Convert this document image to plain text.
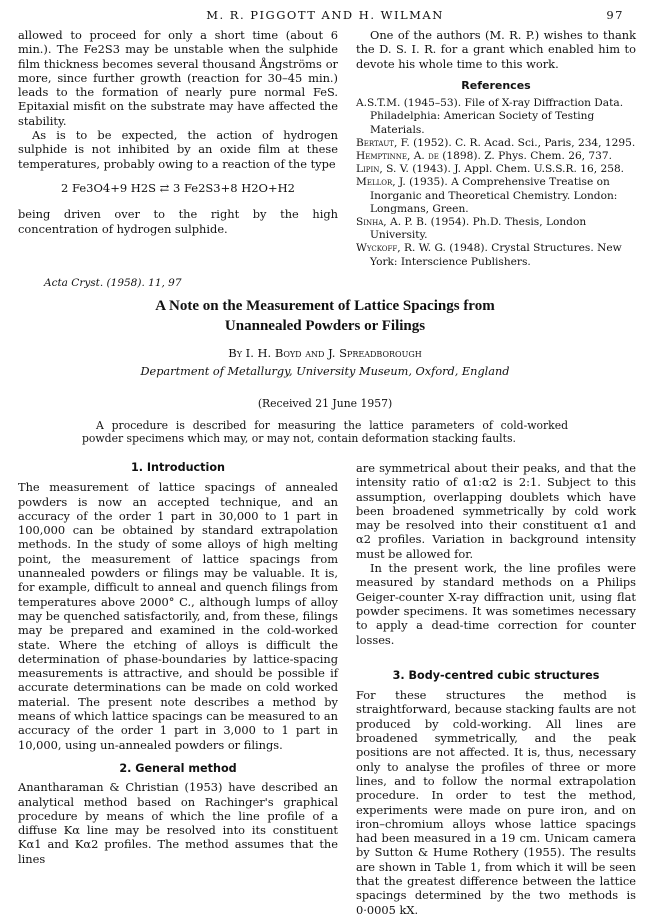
M. R. PIGGOTT AND H. WILMAN	97

allowed to proceed for only a short time (about 6 min.). The Fe2S3 may be unstable when the sulphide film thickness becomes several thousand Ångströms or more, since further growth (reaction for 30–45 min.) leads to the formation of nearly pure normal FeS. Epitaxial misfit on the substrate may have affected the stability.

As is to be expected, the action of hydrogen sulphide is not inhibited by an oxide film at these temperatures, probably owing to a reaction of the type

2 Fe3O4+9 H2S ⇄ 3 Fe2S3+8 H2O+H2

being driven over to the right by the high concentration of hydrogen sulphide.

One of the authors (M. R. P.) wishes to thank the D. S. I. R. for a grant which enabled him to devote his whole time to this work.

References

A.S.T.M. (1945–53). File of X-ray Diffraction Data. Philadelphia: American Society of Testing Materials.

Bertaut, F. (1952). C. R. Acad. Sci., Paris, 234, 1295.

Hemptinne, A. de (1898). Z. Phys. Chem. 26, 737.

Lipin, S. V. (1943). J. Appl. Chem. U.S.S.R. 16, 258.

Mellor, J. (1935). A Comprehensive Treatise on Inorganic and Theoretical Chemistry. London: Longmans, Green.

Sinha, A. P. B. (1954). Ph.D. Thesis, London University.

Wyckoff, R. W. G. (1948). Crystal Structures. New York: Interscience Publishers.

Acta Cryst. (1958). 11, 97
A Note on the Measurement of Lattice Spacings from
Unannealed Powders or Filings
By I. H. Boyd and J. Spreadborough
Department of Metallurgy, University Museum, Oxford, England
(Received 21 June 1957)
A procedure is described for measuring the lattice parameters of cold-worked powder specimens which may, or may not, contain deformation stacking faults.
1. Introduction

The measurement of lattice spacings of annealed powders is now an accepted technique, and an accuracy of the order 1 part in 30,000 to 1 part in 100,000 can be obtained by standard extrapolation methods. In the study of some alloys of high melting point, the measurement of lattice spacings from unannealed powders or filings may be valuable. It is, for example, difficult to anneal and quench filings from temperatures above 2000° C., although lumps of alloy may be quenched satisfactorily, and, from these, filings may be prepared and examined in the cold-worked state. Where the etching of alloys is difficult the determination of phase-boundaries by lattice-spacing measurements is attractive, and should be possible if accurate determinations can be made on cold worked material. The present note describes a method by means of which lattice spacings can be measured to an accuracy of the order 1 part in 3,000 to 1 part in 10,000, using un-annealed powders or filings.

2. General method

Anantharaman & Christian (1953) have described an analytical method based on Rachinger's graphical procedure by means of which the line profile of a diffuse Kα line may be resolved into its constituent Kα1 and Kα2 profiles. The method assumes that the lines

are symmetrical about their peaks, and that the intensity ratio of α1:α2 is 2:1. Subject to this assumption, overlapping doublets which have been broadened symmetrically by cold work may be resolved into their constituent α1 and α2 profiles. Variation in background intensity must be allowed for.

In the present work, the line profiles were measured by standard methods on a Philips Geiger-counter X-ray diffraction unit, using flat powder specimens. It was sometimes necessary to apply a dead-time correction for counter losses.

3. Body-centred cubic structures

For these structures the method is straightforward, because stacking faults are not produced by cold-working. All lines are broadened symmetrically, and the peak positions are not affected. It is, thus, necessary only to analyse the profiles of three or more lines, and to follow the normal extrapolation procedure. In order to test the method, experiments were made on pure iron, and on iron–chromium alloys whose lattice spacings had been measured in a 19 cm. Unicam camera by Sutton & Hume Rothery (1955). The results are shown in Table 1, from which it will be seen that the greatest difference between the lattice spacings determined by the two methods is 0·0005 kX.
